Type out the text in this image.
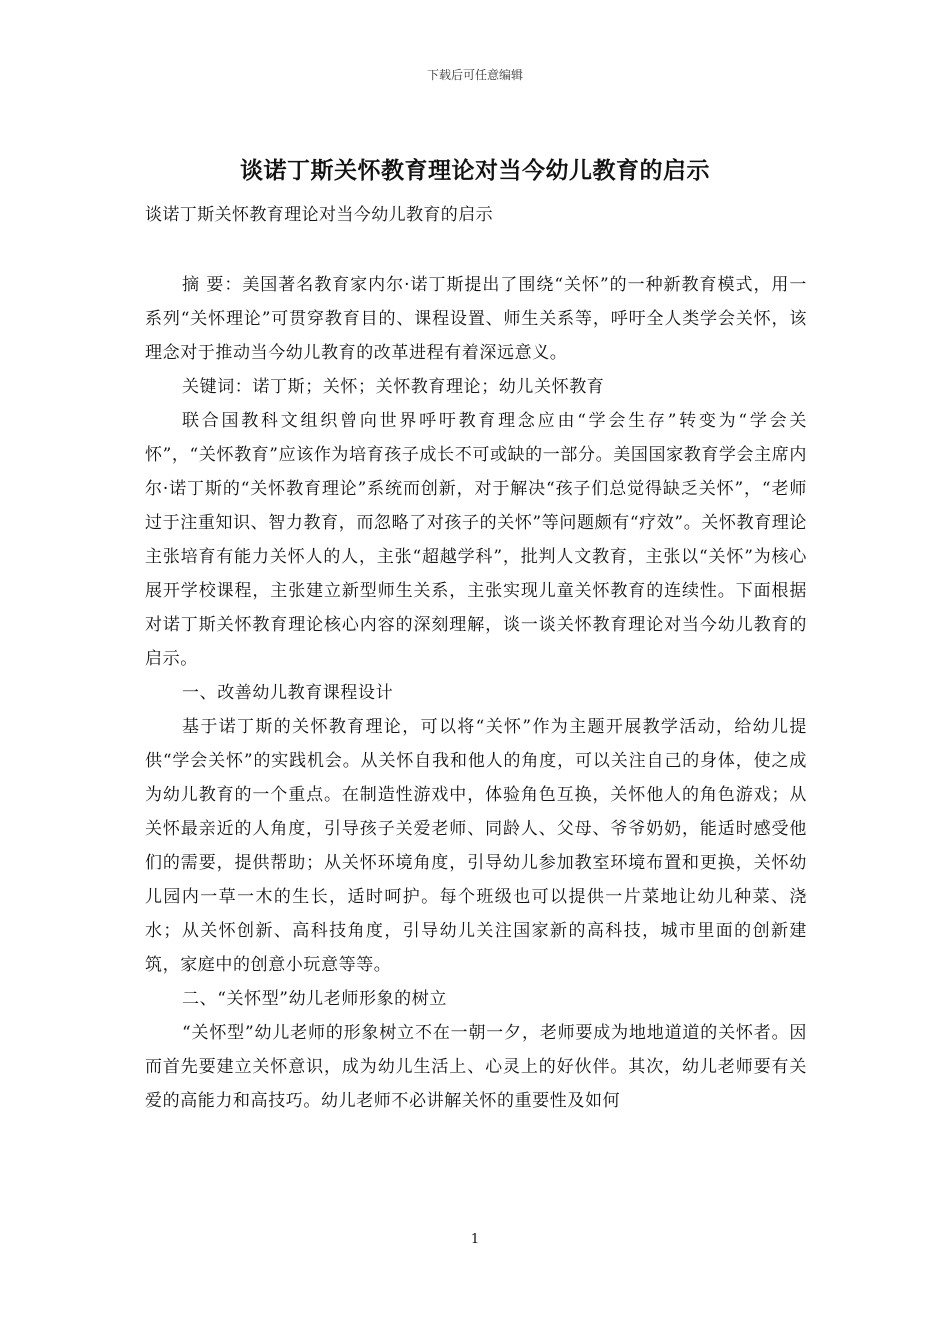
下载后可任意编辑
谈诺丁斯关怀教育理论对当今幼儿教育的启示
谈诺丁斯关怀教育理论对当今幼儿教育的启示

摘 要：美国著名教育家内尔·诺丁斯提出了围绕“关怀”的一种新教育模式，用一系列“关怀理论”可贯穿教育目的、课程设置、师生关系等，呼吁全人类学会关怀，该理念对于推动当今幼儿教育的改革进程有着深远意义。

关键词：诺丁斯；关怀；关怀教育理论；幼儿关怀教育

联合国教科文组织曾向世界呼吁教育理念应由“学会生存”转变为“学会关怀”，“关怀教育”应该作为培育孩子成长不可或缺的一部分。美国国家教育学会主席内尔·诺丁斯的“关怀教育理论”系统而创新，对于解决“孩子们总觉得缺乏关怀”，“老师过于注重知识、智力教育，而忽略了对孩子的关怀”等问题颇有“疗效”。关怀教育理论主张培育有能力关怀人的人，主张“超越学科”，批判人文教育，主张以“关怀”为核心展开学校课程，主张建立新型师生关系，主张实现儿童关怀教育的连续性。下面根据对诺丁斯关怀教育理论核心内容的深刻理解，谈一谈关怀教育理论对当今幼儿教育的启示。

一、改善幼儿教育课程设计

基于诺丁斯的关怀教育理论，可以将“关怀”作为主题开展教学活动，给幼儿提供“学会关怀”的实践机会。从关怀自我和他人的角度，可以关注自己的身体，使之成为幼儿教育的一个重点。在制造性游戏中，体验角色互换，关怀他人的角色游戏；从关怀最亲近的人角度，引导孩子关爱老师、同龄人、父母、爷爷奶奶，能适时感受他们的需要，提供帮助；从关怀环境角度，引导幼儿参加教室环境布置和更换，关怀幼儿园内一草一木的生长，适时呵护。每个班级也可以提供一片菜地让幼儿种菜、浇水；从关怀创新、高科技角度，引导幼儿关注国家新的高科技，城市里面的创新建筑，家庭中的创意小玩意等等。

二、“关怀型”幼儿老师形象的树立

“关怀型”幼儿老师的形象树立不在一朝一夕，老师要成为地地道道的关怀者。因而首先要建立关怀意识，成为幼儿生活上、心灵上的好伙伴。其次，幼儿老师要有关爱的高能力和高技巧。幼儿老师不必讲解关怀的重要性及如何

1
